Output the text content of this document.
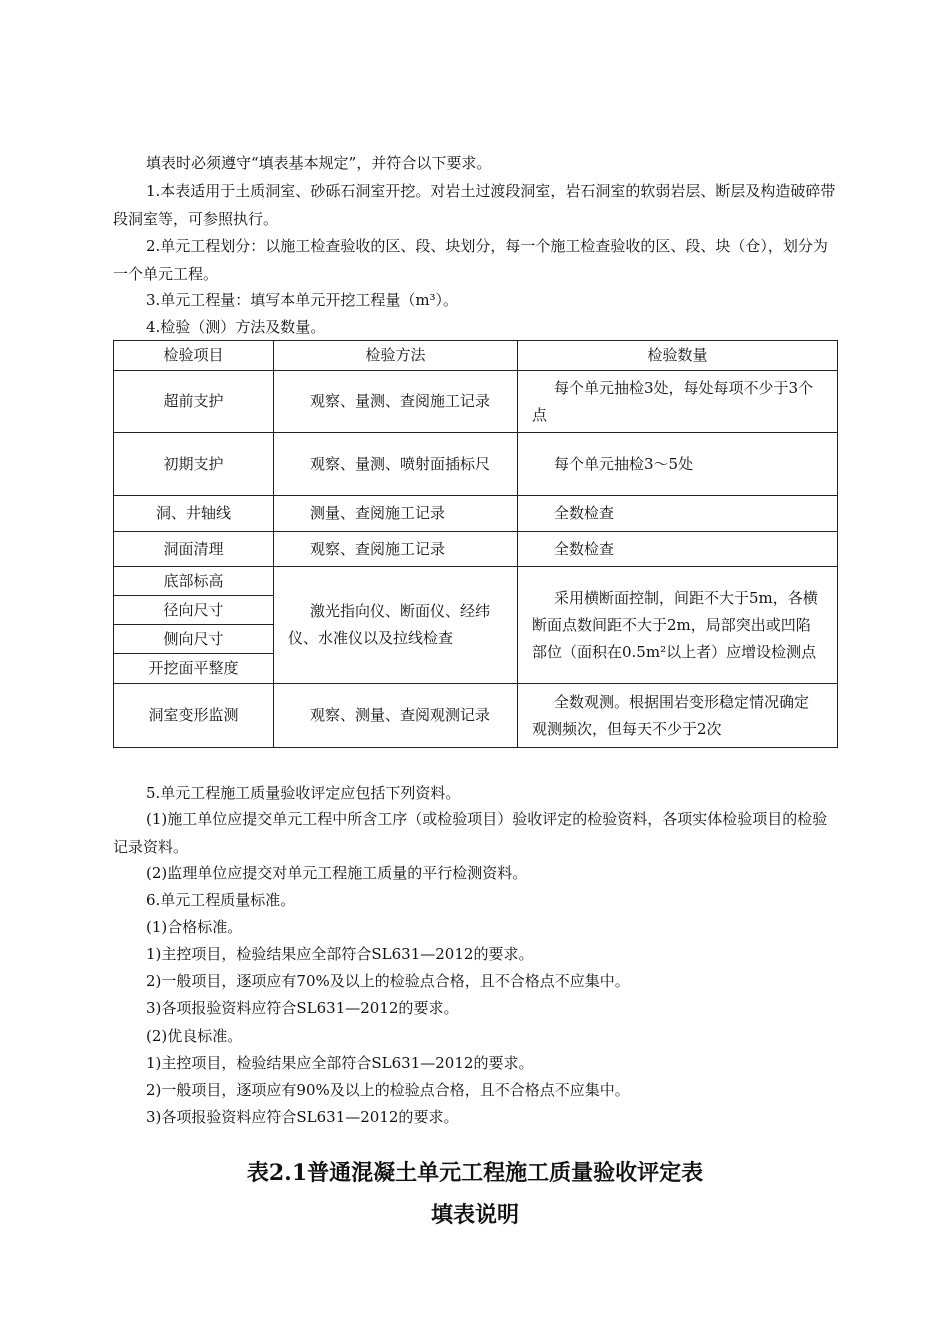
填表时必须遵守“填表基本规定”，并符合以下要求。

1.本表适用于土质洞室、砂砾石洞室开挖。对岩土过渡段洞室，岩石洞室的软弱岩层、断层及构造破碎带段洞室等，可参照执行。

2.单元工程划分：以施工检查验收的区、段、块划分，每一个施工检查验收的区、段、块（仓），划分为一个单元工程。

3.单元工程量：填写本单元开挖工程量（m³）。

4.检验（测）方法及数量。

检验项目	检验方法	检验数量
超前支护	观察、量测、查阅施工记录	每个单元抽检3处，每处每项不少于3个点
初期支护	观察、量测、喷射面插标尺	每个单元抽检3～5处
洞、井轴线	测量、查阅施工记录	全数检查
洞面清理	观察、查阅施工记录	全数检查
底部标高	激光指向仪、断面仪、经纬仪、水准仪以及拉线检查	采用横断面控制，间距不大于5m，各横断面点数间距不大于2m，局部突出或凹陷部位（面积在0.5m²以上者）应增设检测点
径向尺寸		
侧向尺寸		
开挖面平整度		
洞室变形监测	观察、测量、查阅观测记录	全数观测。根据围岩变形稳定情况确定观测频次，但每天不少于2次

5.单元工程施工质量验收评定应包括下列资料。

(1)施工单位应提交单元工程中所含工序（或检验项目）验收评定的检验资料，各项实体检验项目的检验记录资料。

(2)监理单位应提交对单元工程施工质量的平行检测资料。

6.单元工程质量标准。

(1)合格标准。

1)主控项目，检验结果应全部符合SL631—2012的要求。

2)一般项目，逐项应有70%及以上的检验点合格，且不合格点不应集中。

3)各项报验资料应符合SL631—2012的要求。

(2)优良标准。

1)主控项目，检验结果应全部符合SL631—2012的要求。

2)一般项目，逐项应有90%及以上的检验点合格，且不合格点不应集中。

3)各项报验资料应符合SL631—2012的要求。

表2.1普通混凝土单元工程施工质量验收评定表
填表说明
